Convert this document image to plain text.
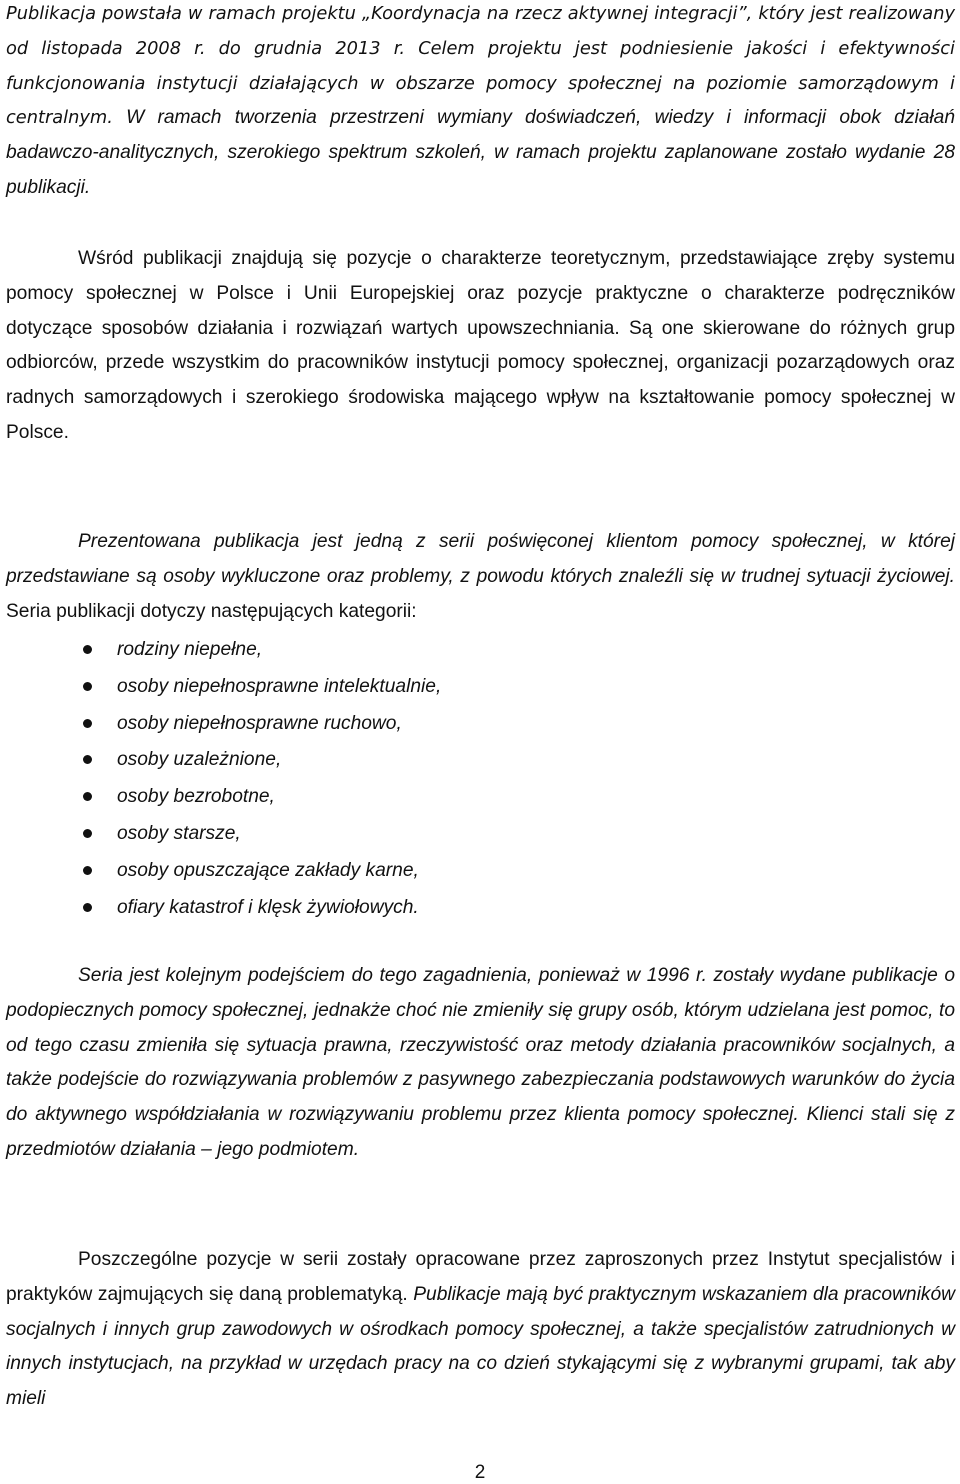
Publikacja powstała w ramach projektu „Koordynacja na rzecz aktywnej integracji”, który jest realizowany od listopada 2008 r. do grudnia 2013 r. Celem projektu jest podniesienie jakości i efektywności funkcjonowania instytucji działających w obszarze pomocy społecznej na poziomie samorządowym i centralnym. W ramach tworzenia przestrzeni wymiany doświadczeń, wiedzy i informacji obok działań badawczo-analitycznych, szerokiego spektrum szkoleń, w ramach projektu zaplanowane zostało wydanie 28 publikacji.

Wśród publikacji znajdują się pozycje o charakterze teoretycznym, przedstawiające zręby systemu pomocy społecznej w Polsce i Unii Europejskiej oraz pozycje praktyczne o charakterze podręczników dotyczące sposobów działania i rozwiązań wartych upowszechniania. Są one skierowane do różnych grup odbiorców, przede wszystkim do pracowników instytucji pomocy społecznej, organizacji pozarządowych oraz radnych samorządowych i szerokiego środowiska mającego wpływ na kształtowanie pomocy społecznej w Polsce.

Prezentowana publikacja jest jedną z serii poświęconej klientom pomocy społecznej, w której przedstawiane są osoby wykluczone oraz problemy, z powodu których znaleźli się w trudnej sytuacji życiowej. Seria publikacji dotyczy następujących kategorii:

rodziny niepełne,
osoby niepełnosprawne intelektualnie,
osoby niepełnosprawne ruchowo,
osoby uzależnione,
osoby bezrobotne,
osoby starsze,
osoby opuszczające zakłady karne,
ofiary katastrof i klęsk żywiołowych.

Seria jest kolejnym podejściem do tego zagadnienia, ponieważ w 1996 r. zostały wydane publikacje o podopiecznych pomocy społecznej, jednakże choć nie zmieniły się grupy osób, którym udzielana jest pomoc, to od tego czasu zmieniła się sytuacja prawna, rzeczywistość oraz metody działania pracowników socjalnych, a także podejście do rozwiązywania problemów z pasywnego zabezpieczania podstawowych warunków do życia do aktywnego współdziałania w rozwiązywaniu problemu przez klienta pomocy społecznej. Klienci stali się z przedmiotów działania – jego podmiotem.

Poszczególne pozycje w serii zostały opracowane przez zaproszonych przez Instytut specjalistów i praktyków zajmujących się daną problematyką. Publikacje mają być praktycznym wskazaniem dla pracowników socjalnych i innych grup zawodowych w ośrodkach pomocy społecznej, a także specjalistów zatrudnionych w innych instytucjach, na przykład w urzędach pracy na co dzień stykającymi się z wybranymi grupami, tak aby mieli

2
